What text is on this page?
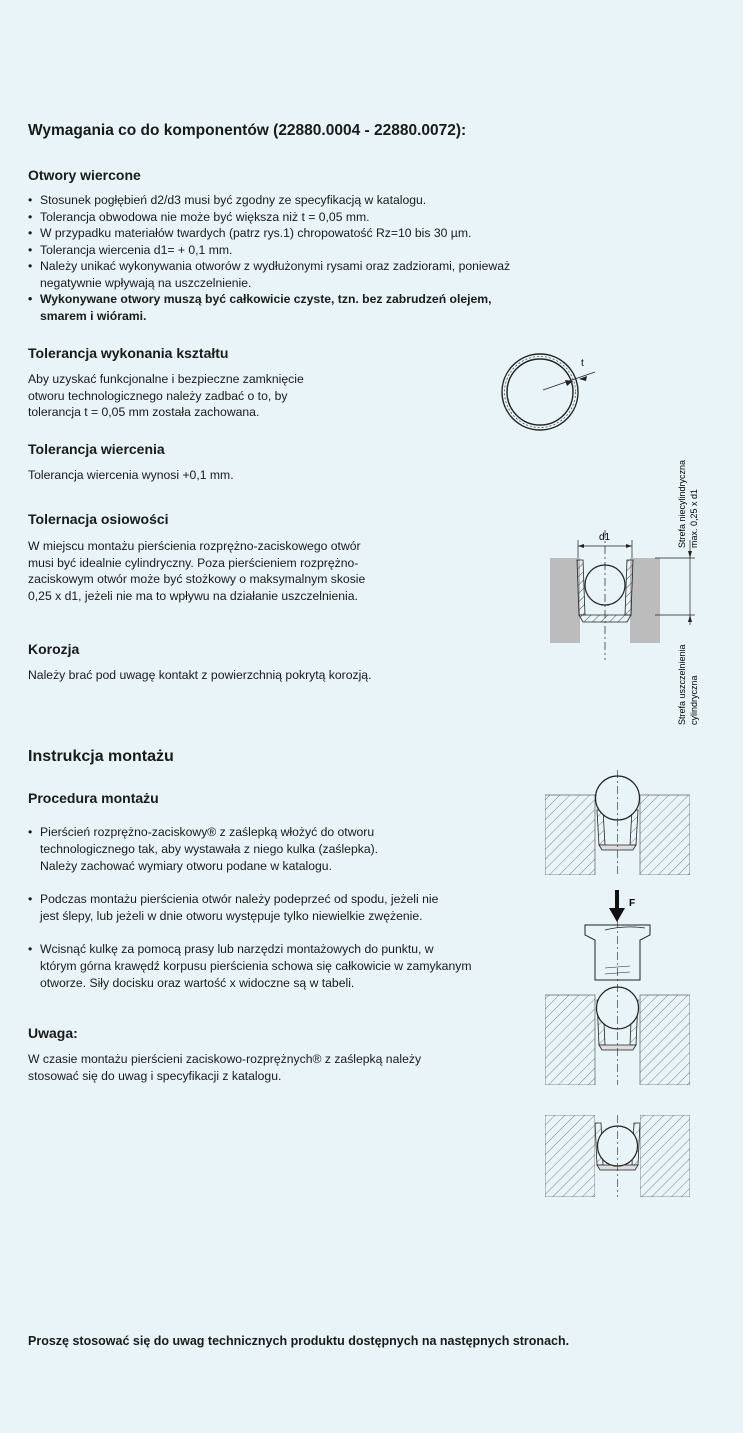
Wymagania co do komponentów (22880.0004 - 22880.0072):
Otwory wiercone
• Stosunek pogłębień d2/d3 musi być zgodny ze specyfikacją w katalogu.
• Tolerancja obwodowa nie może być większa niż t = 0,05 mm.
• W przypadku materiałów twardych (patrz rys.1) chropowatość Rz=10 bis 30 µm.
• Tolerancja wiercenia d1= + 0,1 mm.
• Należy unikać wykonywania otworów z wydłużonymi rysami oraz zadziorami, ponieważ negatywnie wpływają na uszczelnienie.
• Wykonywane otwory muszą być całkowicie czyste, tzn. bez zabrudzeń olejem, smarem i wiórami.
Tolerancja wykonania kształtu
Aby uzyskać funkcjonalne i bezpieczne zamknięcie otworu technologicznego należy zadbać o to, by tolerancja t = 0,05 mm została zachowana.
t
Tolerancja wiercenia
Tolerancja wiercenia wynosi +0,1 mm.
Tolernacja osiowości
W miejscu montażu pierścienia rozprężno-zaciskowego otwór musi być idealnie cylindryczny. Poza pierścieniem rozprężno-zaciskowym otwór może być stożkowy o maksymalnym skosie 0,25 x d1, jeżeli nie ma to wpływu na działanie uszczelnienia.
d1	Strefa niecylindryczna max. 0,25 x d1
Strefa uszczelnienia cylindryczna
Korozja
Należy brać pod uwagę kontakt z powierzchnią pokrytą korozją.
Instrukcja montażu
Procedura montażu
• Pierścień rozprężno-zaciskowy® z zaślepką włożyć do otworu technologicznego tak, aby wystawała z niego kulka (zaślepka). Należy zachować wymiary otworu podane w katalogu.
• Podczas montażu pierścienia otwór należy podeprzeć od spodu, jeżeli nie jest ślepy, lub jeżeli w dnie otworu występuje tylko niewielkie zwężenie.
• Wcisnąć kulkę za pomocą prasy lub narzędzi montażowych do punktu, w którym górna krawędź korpusu pierścienia schowa się całkowicie w zamykanym otworze. Siły docisku oraz wartość x widoczne są w tabeli.
Uwaga:
W czasie montażu pierścieni zaciskowo-rozprężnych® z zaślepką należy stosować się do uwag i specyfikacji z katalogu.
F
Proszę stosować się do uwag technicznych produktu dostępnych na następnych stronach.
